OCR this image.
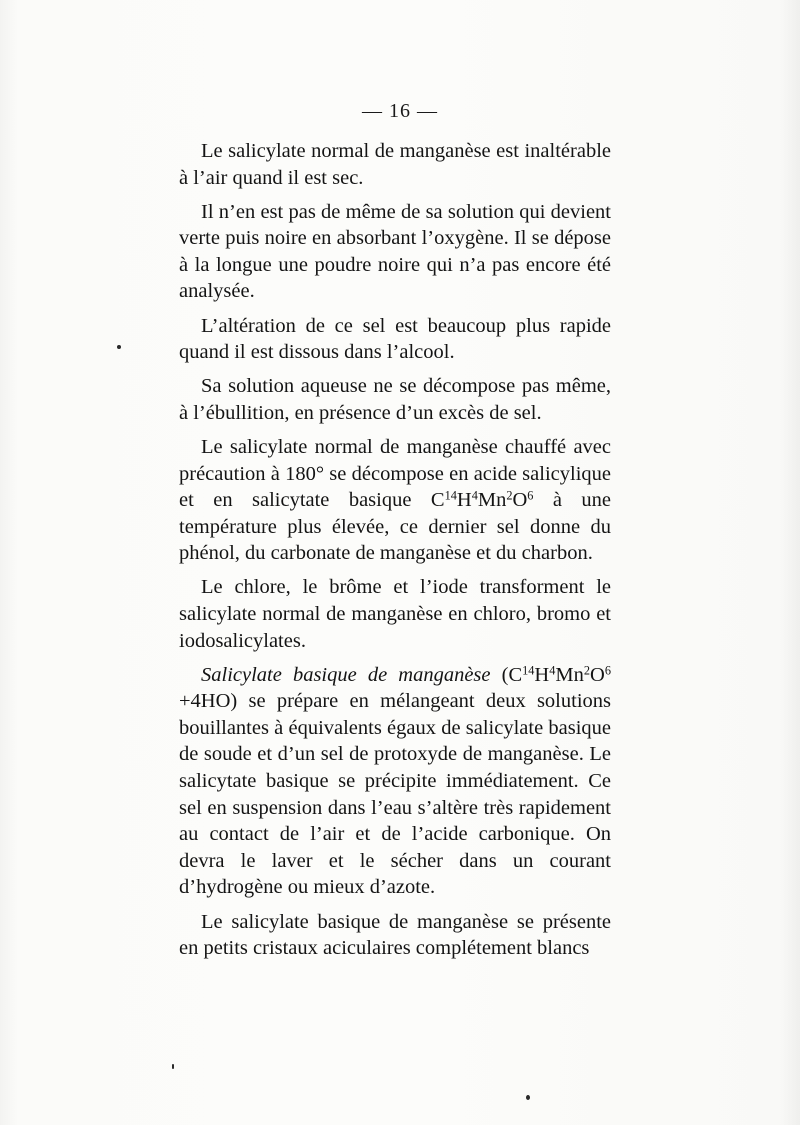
— 16 —

Le salicylate normal de manganèse est inaltérable à l’air quand il est sec.

Il n’en est pas de même de sa solution qui devient verte puis noire en absorbant l’oxygène. Il se dépose à la longue une poudre noire qui n’a pas encore été analysée.

L’altération de ce sel est beaucoup plus rapide quand il est dissous dans l’alcool.

Sa solution aqueuse ne se décompose pas même, à l’ébullition, en présence d’un excès de sel.

Le salicylate normal de manganèse chauffé avec précaution à 180° se décompose en acide salicylique et en salicytate basique $C^{14}H^4Mn^2O^6$ à une température plus élevée, ce dernier sel donne du phénol, du carbonate de manganèse et du charbon.

Le chlore, le brôme et l’iode transforment le salicylate normal de manganèse en chloro, bromo et iodosalicylates.

Salicylate basique de manganèse $(C^{14}H^4Mn^2O^6 +4HO)$ se prépare en mélangeant deux solutions bouillantes à équivalents égaux de salicylate basique de soude et d’un sel de protoxyde de manganèse. Le salicytate basique se précipite immédiatement. Ce sel en suspension dans l’eau s’altère très rapidement au contact de l’air et de l’acide carbonique. On devra le laver et le sécher dans un courant d’hydrogène ou mieux d’azote.

Le salicylate basique de manganèse se présente en petits cristaux aciculaires complétement blancs
